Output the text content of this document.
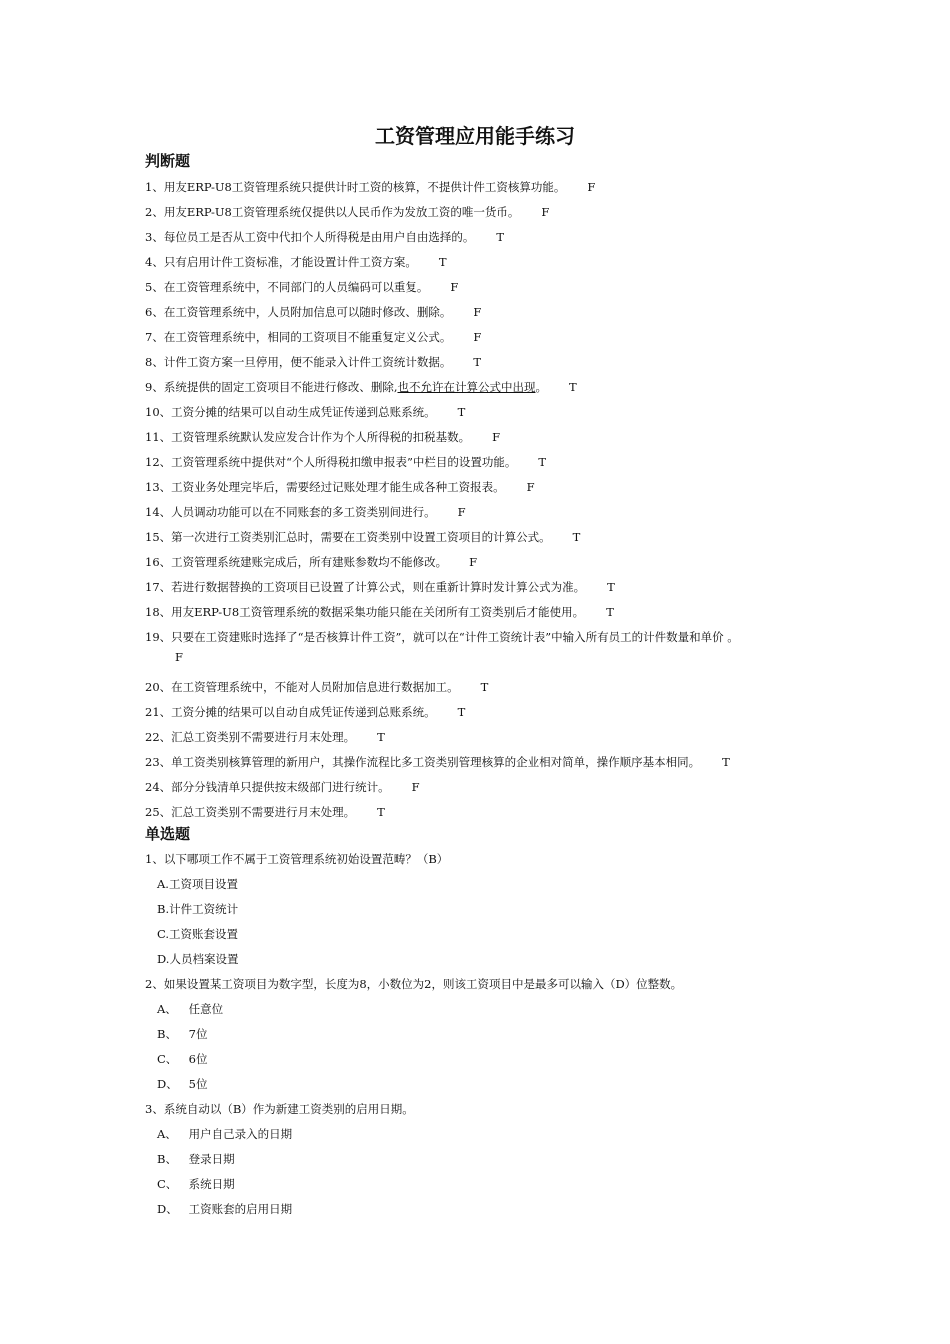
工资管理应用能手练习
判断题
1、用友ERP-U8工资管理系统只提供计时工资的核算，不提供计件工资核算功能。 F
2、用友ERP-U8工资管理系统仅提供以人民币作为发放工资的唯一货币。 F
3、每位员工是否从工资中代扣个人所得税是由用户自由选择的。 T
4、只有启用计件工资标准，才能设置计件工资方案。 T
5、在工资管理系统中，不同部门的人员编码可以重复。 F
6、在工资管理系统中，人员附加信息可以随时修改、删除。 F
7、在工资管理系统中，相同的工资项目不能重复定义公式。 F
8、计件工资方案一旦停用，便不能录入计件工资统计数据。 T
9、系统提供的固定工资项目不能进行修改、删除,也不允许在计算公式中出现。 T
10、工资分摊的结果可以自动生成凭证传递到总账系统。 T
11、工资管理系统默认发应发合计作为个人所得税的扣税基数。 F
12、工资管理系统中提供对“个人所得税扣缴申报表”中栏目的设置功能。 T
13、工资业务处理完毕后，需要经过记账处理才能生成各种工资报表。 F
14、人员调动功能可以在不同账套的多工资类别间进行。 F
15、第一次进行工资类别汇总时，需要在工资类别中设置工资项目的计算公式。 T
16、工资管理系统建账完成后，所有建账参数均不能修改。 F
17、若进行数据替换的工资项目已设置了计算公式，则在重新计算时发计算公式为准。 T
18、用友ERP-U8工资管理系统的数据采集功能只能在关闭所有工资类别后才能使用。 T
19、只要在工资建账时选择了“是否核算计件工资”，就可以在“计件工资统计表”中输入所有员工的计件数量和单价 。
F
20、在工资管理系统中，不能对人员附加信息进行数据加工。 T
21、工资分摊的结果可以自动自成凭证传递到总账系统。 T
22、汇总工资类别不需要进行月末处理。 T
23、单工资类别核算管理的新用户，其操作流程比多工资类别管理核算的企业相对简单，操作顺序基本相同。 T
24、部分分钱清单只提供按末级部门进行统计。 F
25、汇总工资类别不需要进行月末处理。 T
单选题
1、以下哪项工作不属于工资管理系统初始设置范畴？（B）
A.工资项目设置
B.计件工资统计
C.工资账套设置
D.人员档案设置
2、如果设置某工资项目为数字型，长度为8，小数位为2，则该工资项目中是最多可以输入（D）位整数。
A、 任意位
B、 7位
C、 6位
D、 5位
3、系统自动以（B）作为新建工资类别的启用日期。
A、 用户自己录入的日期
B、 登录日期
C、 系统日期
D、 工资账套的启用日期
